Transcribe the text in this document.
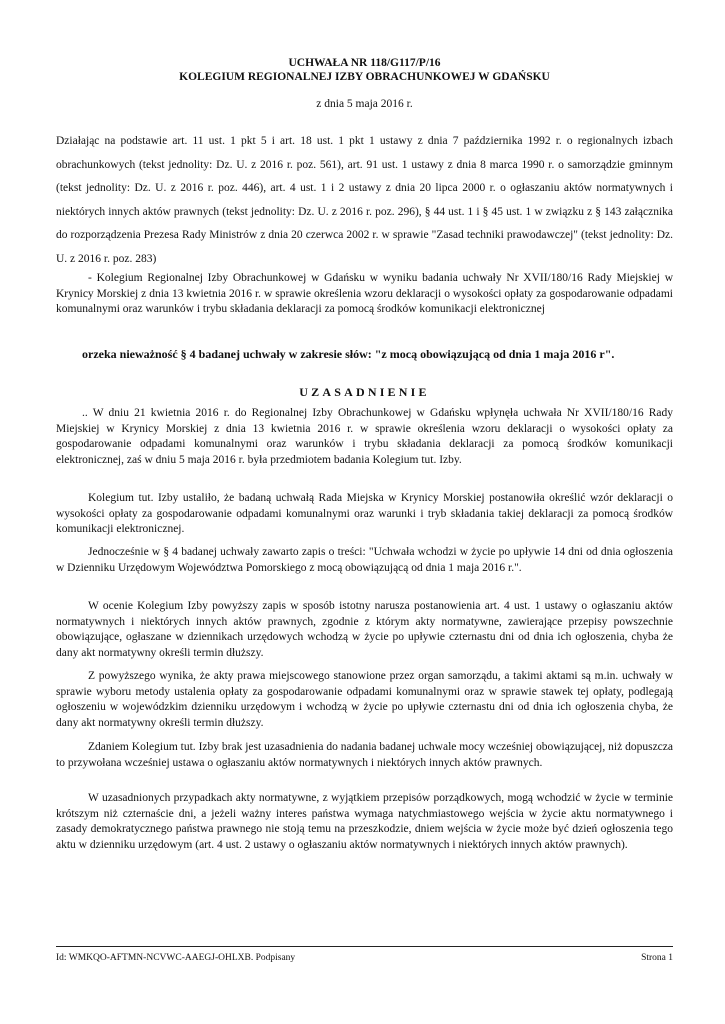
UCHWAŁA NR 118/G117/P/16
KOLEGIUM REGIONALNEJ IZBY OBRACHUNKOWEJ W GDAŃSKU
z dnia 5 maja 2016 r.

Działając na podstawie art. 11 ust. 1 pkt 5 i art. 18 ust. 1 pkt 1 ustawy z dnia 7 października 1992 r. o regionalnych izbach obrachunkowych (tekst jednolity: Dz. U. z 2016 r. poz. 561), art. 91 ust. 1 ustawy z dnia 8 marca 1990 r. o samorządzie gminnym (tekst jednolity: Dz. U. z 2016 r. poz. 446), art. 4 ust. 1 i 2 ustawy z dnia 20 lipca 2000 r. o ogłaszaniu aktów normatywnych i niektórych innych aktów prawnych (tekst jednolity: Dz. U. z 2016 r. poz. 296), § 44 ust. 1 i § 45 ust. 1 w związku z § 143 załącznika do rozporządzenia Prezesa Rady Ministrów z dnia 20 czerwca 2002 r. w sprawie "Zasad techniki prawodawczej" (tekst jednolity: Dz. U. z 2016 r. poz. 283)

- Kolegium Regionalnej Izby Obrachunkowej w Gdańsku w wyniku badania uchwały Nr XVII/180/16 Rady Miejskiej w Krynicy Morskiej z dnia 13 kwietnia 2016 r. w sprawie określenia wzoru deklaracji o wysokości opłaty za gospodarowanie odpadami komunalnymi oraz warunków i trybu składania deklaracji za pomocą środków komunikacji elektronicznej

orzeka nieważność § 4 badanej uchwały w zakresie słów: "z mocą obowiązującą od dnia 1 maja 2016 r".

UZASADNIENIE

.. W dniu 21 kwietnia 2016 r. do Regionalnej Izby Obrachunkowej w Gdańsku wpłynęła uchwała Nr XVII/180/16 Rady Miejskiej w Krynicy Morskiej z dnia 13 kwietnia 2016 r. w sprawie określenia wzoru deklaracji o wysokości opłaty za gospodarowanie odpadami komunalnymi oraz warunków i trybu składania deklaracji za pomocą środków komunikacji elektronicznej, zaś w dniu 5 maja 2016 r. była przedmiotem badania Kolegium tut. Izby.

Kolegium tut. Izby ustaliło, że badaną uchwałą Rada Miejska w Krynicy Morskiej postanowiła określić wzór deklaracji o wysokości opłaty za gospodarowanie odpadami komunalnymi oraz warunki i tryb składania takiej deklaracji za pomocą środków komunikacji elektronicznej.

Jednocześnie w § 4 badanej uchwały zawarto zapis o treści: "Uchwała wchodzi w życie po upływie 14 dni od dnia ogłoszenia w Dzienniku Urzędowym Województwa Pomorskiego z mocą obowiązującą od dnia 1 maja 2016 r.".

W ocenie Kolegium Izby powyższy zapis w sposób istotny narusza postanowienia art. 4 ust. 1 ustawy o ogłaszaniu aktów normatywnych i niektórych innych aktów prawnych, zgodnie z którym akty normatywne, zawierające przepisy powszechnie obowiązujące, ogłaszane w dziennikach urzędowych wchodzą w życie po upływie czternastu dni od dnia ich ogłoszenia, chyba że dany akt normatywny określi termin dłuższy.

Z powyższego wynika, że akty prawa miejscowego stanowione przez organ samorządu, a takimi aktami są m.in. uchwały w sprawie wyboru metody ustalenia opłaty za gospodarowanie odpadami komunalnymi oraz w sprawie stawek tej opłaty, podlegają ogłoszeniu w wojewódzkim dzienniku urzędowym i wchodzą w życie po upływie czternastu dni od dnia ich ogłoszenia chyba, że dany akt normatywny określi termin dłuższy.

Zdaniem Kolegium tut. Izby brak jest uzasadnienia do nadania badanej uchwale mocy wcześniej obowiązującej, niż dopuszcza to przywołana wcześniej ustawa o ogłaszaniu aktów normatywnych i niektórych innych aktów prawnych.

W uzasadnionych przypadkach akty normatywne, z wyjątkiem przepisów porządkowych, mogą wchodzić w życie w terminie krótszym niż czternaście dni, a jeżeli ważny interes państwa wymaga natychmiastowego wejścia w życie aktu normatywnego i zasady demokratycznego państwa prawnego nie stoją temu na przeszkodzie, dniem wejścia w życie może być dzień ogłoszenia tego aktu w dzienniku urzędowym (art. 4 ust. 2 ustawy o ogłaszaniu aktów normatywnych i niektórych innych aktów prawnych).

Id: WMKQO-AFTMN-NCVWC-AAEGJ-OHLXB. Podpisany	Strona 1
